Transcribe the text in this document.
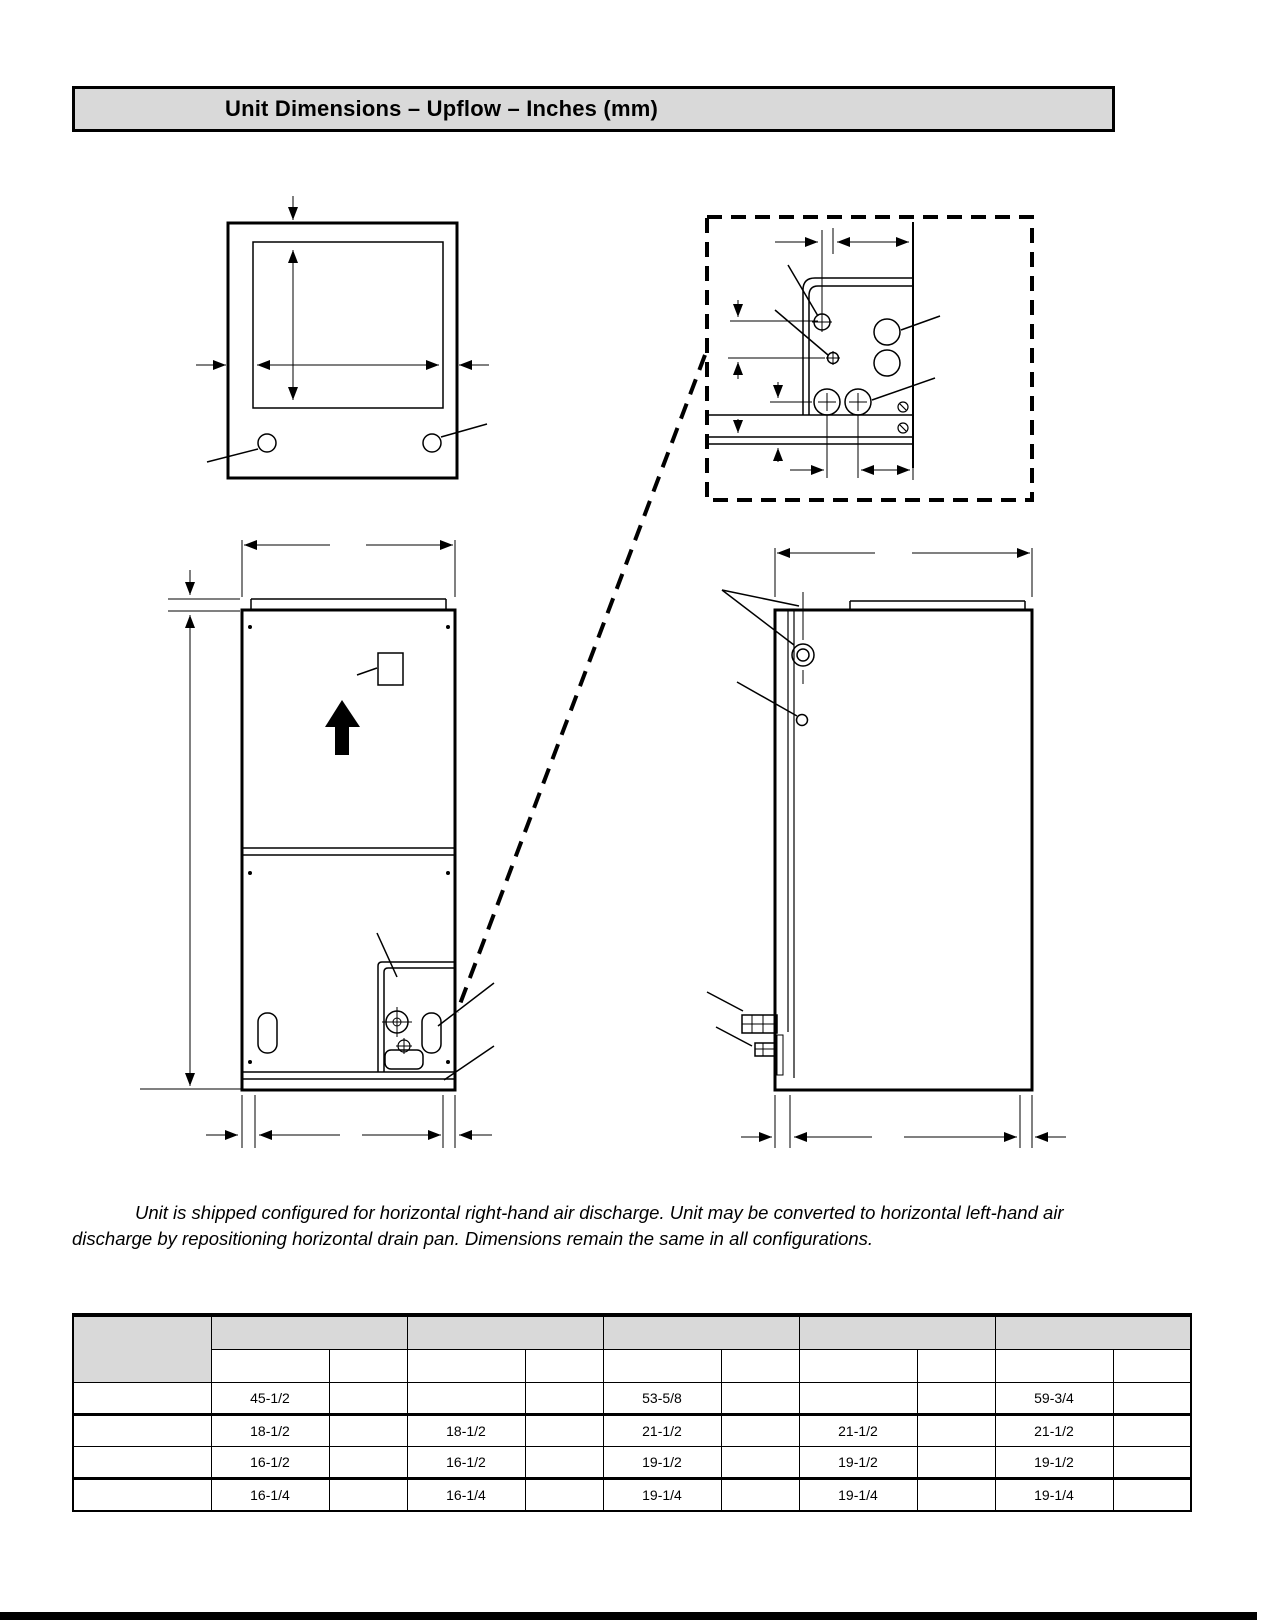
Unit Dimensions – Upflow – Inches (mm)
Unit is shipped configured for horizontal right-hand air discharge. Unit may be converted to horizontal left-hand air
discharge by repositioning horizontal drain pan. Dimensions remain the same in all configurations.

	45-1/2				53-5/8				59-3/4	
	18-1/2		18-1/2		21-1/2		21-1/2		21-1/2	
	16-1/2		16-1/2		19-1/2		19-1/2		19-1/2	
	16-1/4		16-1/4		19-1/4		19-1/4		19-1/4	
